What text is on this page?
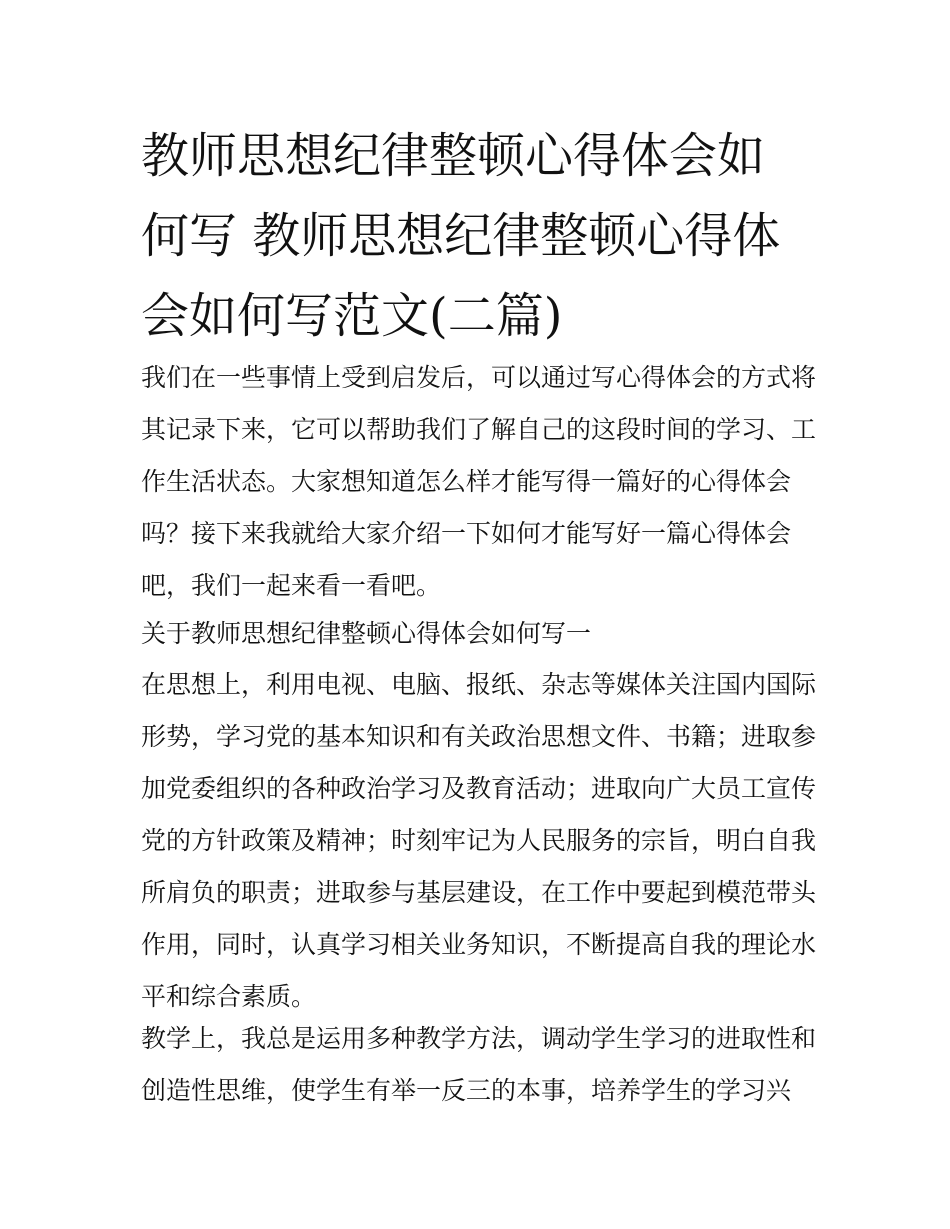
教师思想纪律整顿心得体会如
何写 教师思想纪律整顿心得体
会如何写范文(二篇)
我们在一些事情上受到启发后，可以通过写心得体会的方式将
其记录下来，它可以帮助我们了解自己的这段时间的学习、工
作生活状态。大家想知道怎么样才能写得一篇好的心得体会
吗？接下来我就给大家介绍一下如何才能写好一篇心得体会
吧，我们一起来看一看吧。
关于教师思想纪律整顿心得体会如何写一
在思想上，利用电视、电脑、报纸、杂志等媒体关注国内国际
形势，学习党的基本知识和有关政治思想文件、书籍；进取参
加党委组织的各种政治学习及教育活动；进取向广大员工宣传
党的方针政策及精神；时刻牢记为人民服务的宗旨，明白自我
所肩负的职责；进取参与基层建设，在工作中要起到模范带头
作用，同时，认真学习相关业务知识，不断提高自我的理论水
平和综合素质。
教学上，我总是运用多种教学方法，调动学生学习的进取性和
创造性思维，使学生有举一反三的本事，培养学生的学习兴
